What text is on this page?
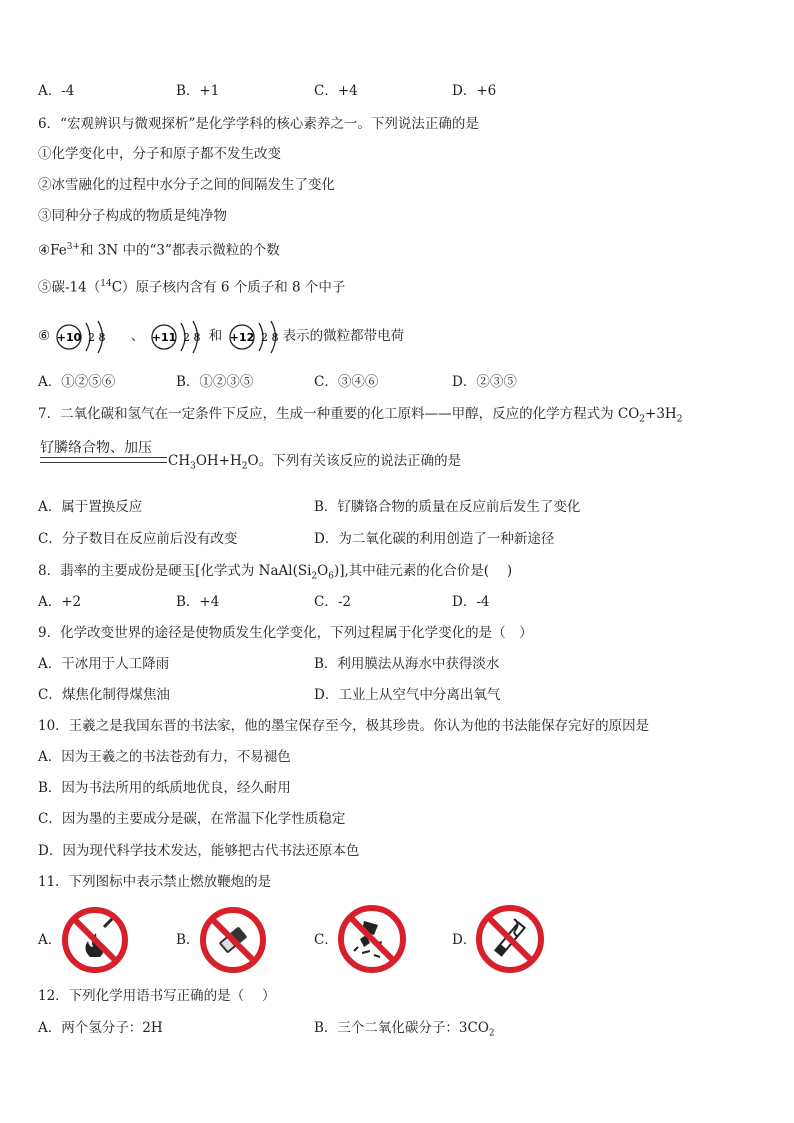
A．-4	B．+1	C．+4	D．+6
6．“宏观辨识与微观探析”是化学学科的核心素养之一。下列说法正确的是
①化学变化中，分子和原子都不发生改变
②冰雪融化的过程中水分子之间的间隔发生了变化
③同种分子构成的物质是纯净物
$④Fe^{3+}$和 3N 中的“3”都表示微粒的个数
⑤碳-14（$^{14}$C）原子核内含有 6 个质子和 8 个中子
⑥ +10 2 8 、 +11 2 8 和 +12 2 8 表示的微粒都带电荷
A．①②⑤⑥	B．①②③⑤	C．③④⑥	D．②③⑤
7．二氧化碳和氢气在一定条件下反应，生成一种重要的化工原料——甲醇，反应的化学方程式为 $CO_2+3H_2$
钌膦络合物、加压
$CH_3OH+H_2O$。下列有关该反应的说法正确的是
A．属于置换反应	B．钌膦铬合物的质量在反应前后发生了变化
C．分子数目在反应前后没有改变	D．为二氧化碳的利用创造了一种新途径
8．翡率的主要成份是硬玉[化学式为 $NaAl(Si_2O_6)$],其中硅元素的化合价是(　 )
A．+2	B．+4	C．-2	D．-4
9．化学改变世界的途径是使物质发生化学变化，下列过程属于化学变化的是（　）
A．干冰用于人工降雨	B．利用膜法从海水中获得淡水
C．煤焦化制得煤焦油	D．工业上从空气中分离出氧气
10．王羲之是我国东晋的书法家，他的墨宝保存至今，极其珍贵。你认为他的书法能保存完好的原因是
A．因为王羲之的书法苍劲有力，不易褪色
B．因为书法所用的纸质地优良，经久耐用
C．因为墨的主要成分是碳，在常温下化学性质稳定
D．因为现代科学技术发达，能够把古代书法还原本色
11．下列图标中表示禁止燃放鞭炮的是
A．	B．	C．	D．
12．下列化学用语书写正确的是（　 ）
A．两个氢分子：2H	B．三个二氧化碳分子：$3CO_2$
